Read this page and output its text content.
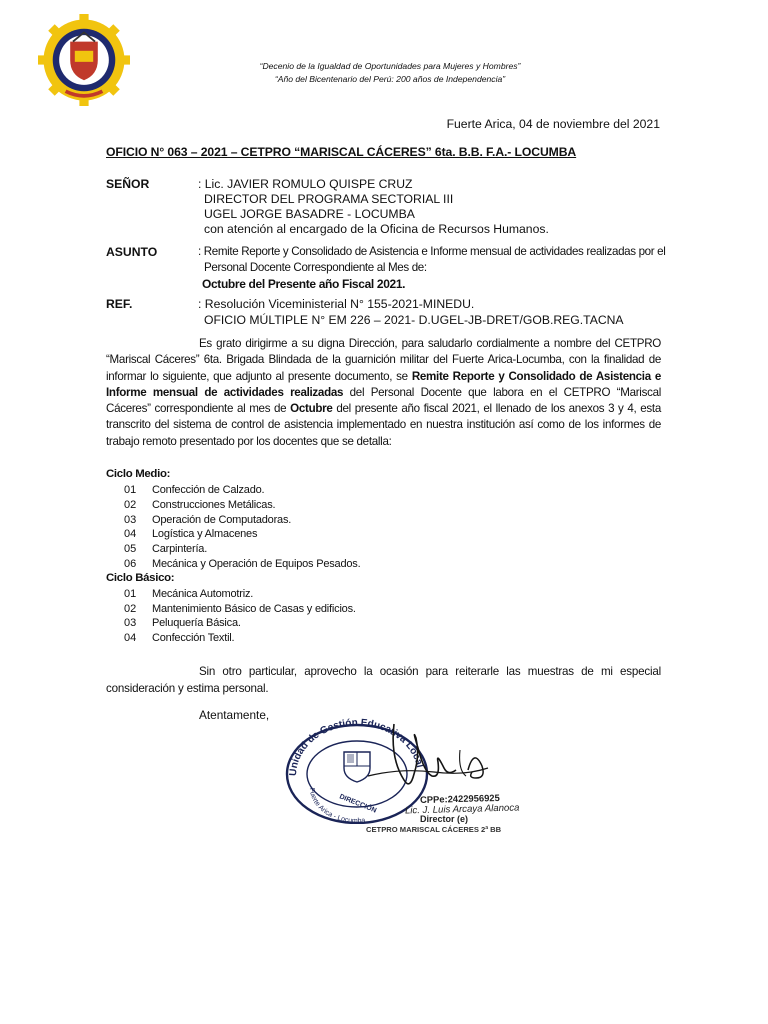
“Decenio de la Igualdad de Oportunidades para Mujeres y Hombres”
“Año del Bicentenario del Perú: 200 años de Independencia”
Fuerte Arica, 04 de noviembre del 2021
OFICIO N° 063 – 2021 – CETPRO “MARISCAL CÁCERES” 6ta. B.B. F.A.- LOCUMBA
SEÑOR	: Lic. JAVIER ROMULO QUISPE CRUZ
DIRECTOR DEL PROGRAMA SECTORIAL III
UGEL JORGE BASADRE - LOCUMBA
con atención al encargado de la Oficina de Recursos Humanos.
ASUNTO	: Remite Reporte y Consolidado de Asistencia e Informe mensual de actividades realizadas por el
Personal Docente Correspondiente al Mes de:
Octubre del Presente año Fiscal 2021.
REF.	: Resolución Viceministerial N° 155-2021-MINEDU.
OFICIO MÚLTIPLE N° EM 226 – 2021- D.UGEL-JB-DRET/GOB.REG.TACNA

Es grato dirigirme a su digna Dirección, para saludarlo cordialmente a nombre del CETPRO “Mariscal Cáceres” 6ta. Brigada Blindada de la guarnición militar del Fuerte Arica-Locumba, con la finalidad de informar lo siguiente, que adjunto al presente documento, se Remite Reporte y Consolidado de Asistencia e Informe mensual de actividades realizadas del Personal Docente que labora en el CETPRO “Mariscal Cáceres” correspondiente al mes de Octubre del presente año fiscal 2021, el llenado de los anexos 3 y 4, esta transcrito del sistema de control de asistencia implementado en nuestra institución así como de los informes de trabajo remoto presentado por los docentes que se detalla:

Ciclo Medio:
01 Confección de Calzado.
02 Construcciones Metálicas.
03 Operación de Computadoras.
04 Logística y Almacenes
05 Carpintería.
06 Mecánica y Operación de Equipos Pesados.
Ciclo Básico:
01 Mecánica Automotriz.
02 Mantenimiento Básico de Casas y edificios.
03 Peluquería Básica.
04 Confección Textil.

Sin otro particular, aprovecho la ocasión para reiterarle las muestras de mi especial consideración y estima personal.

Atentamente,
Unidad de Gestión Educativa Local
Fuerte Arica - Locumba
DIRECCIÓN	CPPe:2422956925
Lic. J. Luis Arcaya Alanoca
Director (e)
CETPRO MARISCAL CÁCERES 2ª BB
